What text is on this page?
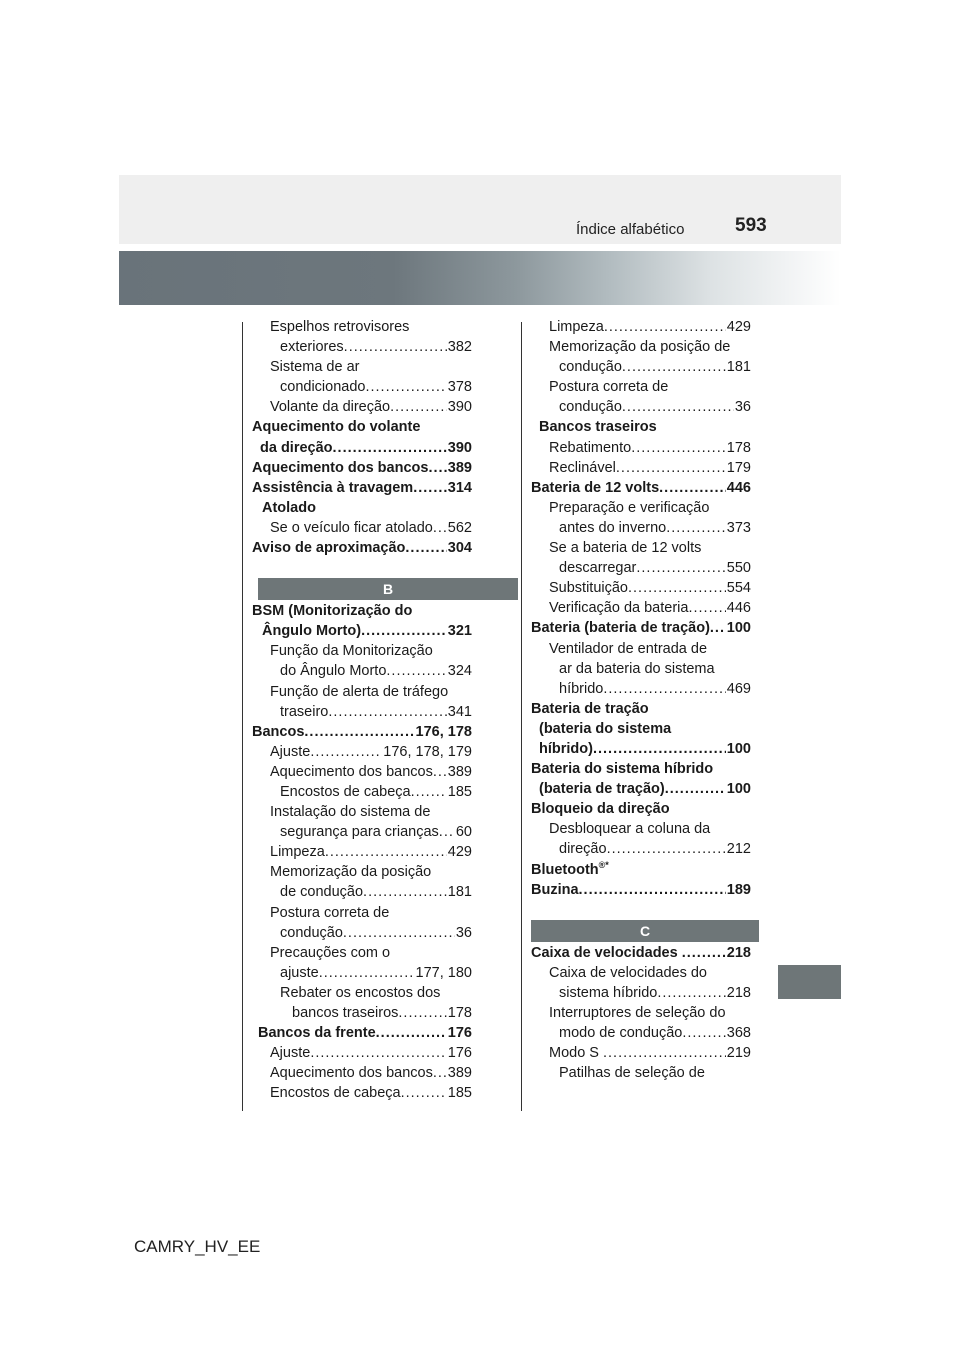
Índice alfabético	593
Espelhos retrovisores
exteriores .....	382
Sistema de ar
condicionado .....	378
Volante da direção .....	390
Aquecimento do volante
da direção .....	390
Aquecimento dos bancos ..... 389
Assistência à travagem ..... 314
Atolado
Se o veículo ficar atolado ..... 562
Aviso de aproximação .....	304
B
BSM (Monitorização do
Ângulo Morto) .....	321
Função da Monitorização
do Ângulo Morto .....	324
Função de alerta de tráfego
traseiro .....	341
Bancos .....	176, 178
Ajuste .....	176, 178, 179
Aquecimento dos bancos ..... 389
Encostos de cabeça .....	185
Instalação do sistema de
segurança para crianças ..... 60
Limpeza .....	429
Memorização da posição
de condução .....	181
Postura correta de
condução .....	36
Precauções com o
ajuste .....	177, 180
Rebater os encostos dos
bancos traseiros .....	178
Bancos da frente .....	176
Ajuste .....	176
Aquecimento dos bancos ..... 389
Encostos de cabeça .....	185
Limpeza .....	429
Memorização da posição de
condução .....	181
Postura correta de
condução .....	36
Bancos traseiros
Rebatimento .....	178
Reclinável .....	179
Bateria de 12 volts .....	446
Preparação e verificação
antes do inverno .....	373
Se a bateria de 12 volts
descarregar .....	550
Substituição .....	554
Verificação da bateria .....	446
Bateria (bateria de tração) ..... 100
Ventilador de entrada de
ar da bateria do sistema
híbrido .....	469
Bateria de tração
(bateria do sistema
híbrido) .....	100
Bateria do sistema híbrido
(bateria de tração) .....	100
Bloqueio da direção
Desbloquear a coluna da
direção .....	212
Bluetooth®*
Buzina .....	189
C
Caixa de velocidades .....	218
Caixa de velocidades do
sistema híbrido .....	218
Interruptores de seleção do
modo de condução .....	368
Modo S .....	219
Patilhas de seleção de
CAMRY_HV_EE
